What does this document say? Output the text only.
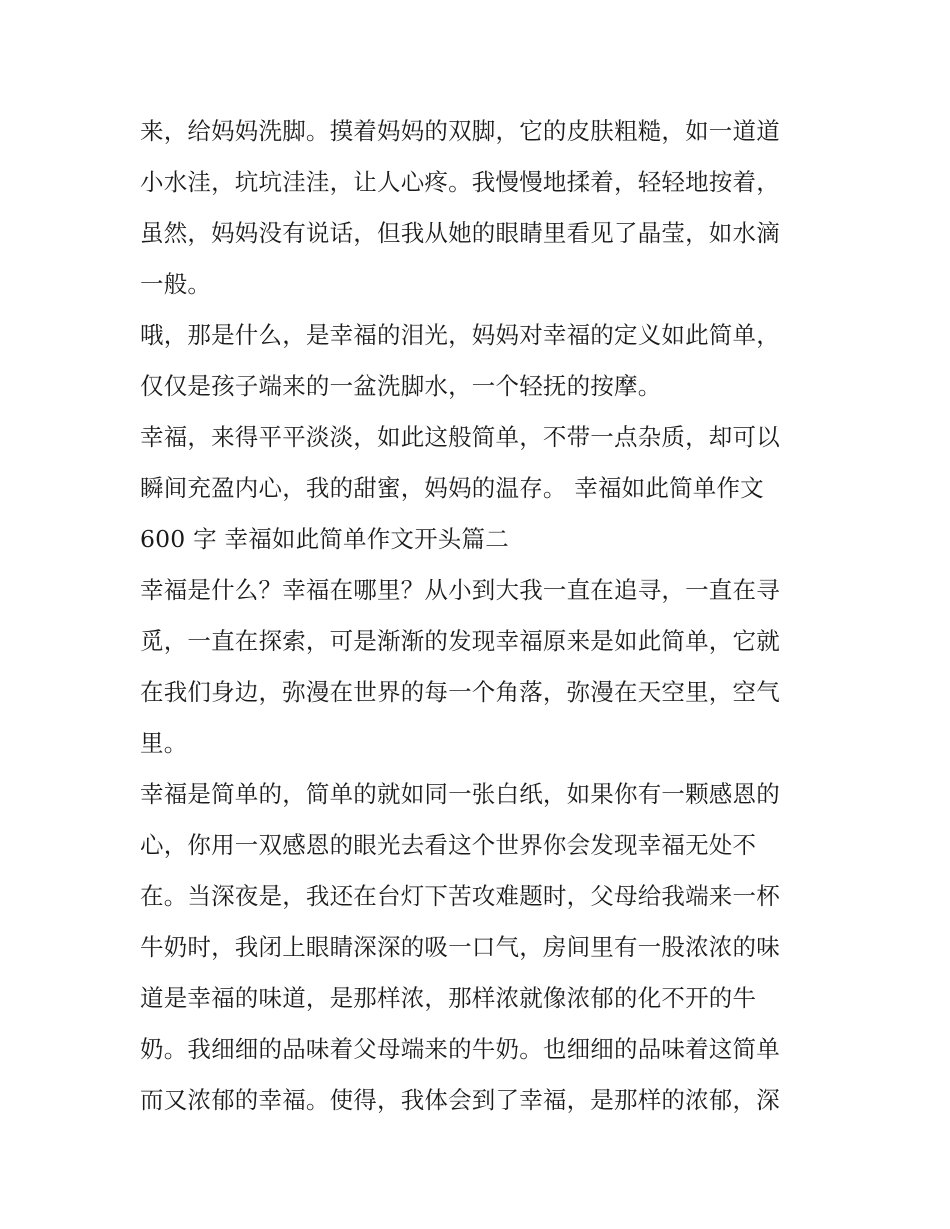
来，给妈妈洗脚。摸着妈妈的双脚，它的皮肤粗糙，如一道道
小水洼，坑坑洼洼，让人心疼。我慢慢地揉着，轻轻地按着，
虽然，妈妈没有说话，但我从她的眼睛里看见了晶莹，如水滴
一般。
哦，那是什么，是幸福的泪光，妈妈对幸福的定义如此简单，
仅仅是孩子端来的一盆洗脚水，一个轻抚的按摩。
幸福，来得平平淡淡，如此这般简单，不带一点杂质，却可以
瞬间充盈内心，我的甜蜜，妈妈的温存。 幸福如此简单作文
600 字 幸福如此简单作文开头篇二
幸福是什么？幸福在哪里？从小到大我一直在追寻，一直在寻
觅，一直在探索，可是渐渐的发现幸福原来是如此简单，它就
在我们身边，弥漫在世界的每一个角落，弥漫在天空里，空气
里。
幸福是简单的，简单的就如同一张白纸，如果你有一颗感恩的
心，你用一双感恩的眼光去看这个世界你会发现幸福无处不
在。当深夜是，我还在台灯下苦攻难题时，父母给我端来一杯
牛奶时，我闭上眼睛深深的吸一口气，房间里有一股浓浓的味
道是幸福的味道，是那样浓，那样浓就像浓郁的化不开的牛
奶。我细细的品味着父母端来的牛奶。也细细的品味着这简单
而又浓郁的幸福。使得，我体会到了幸福，是那样的浓郁，深
